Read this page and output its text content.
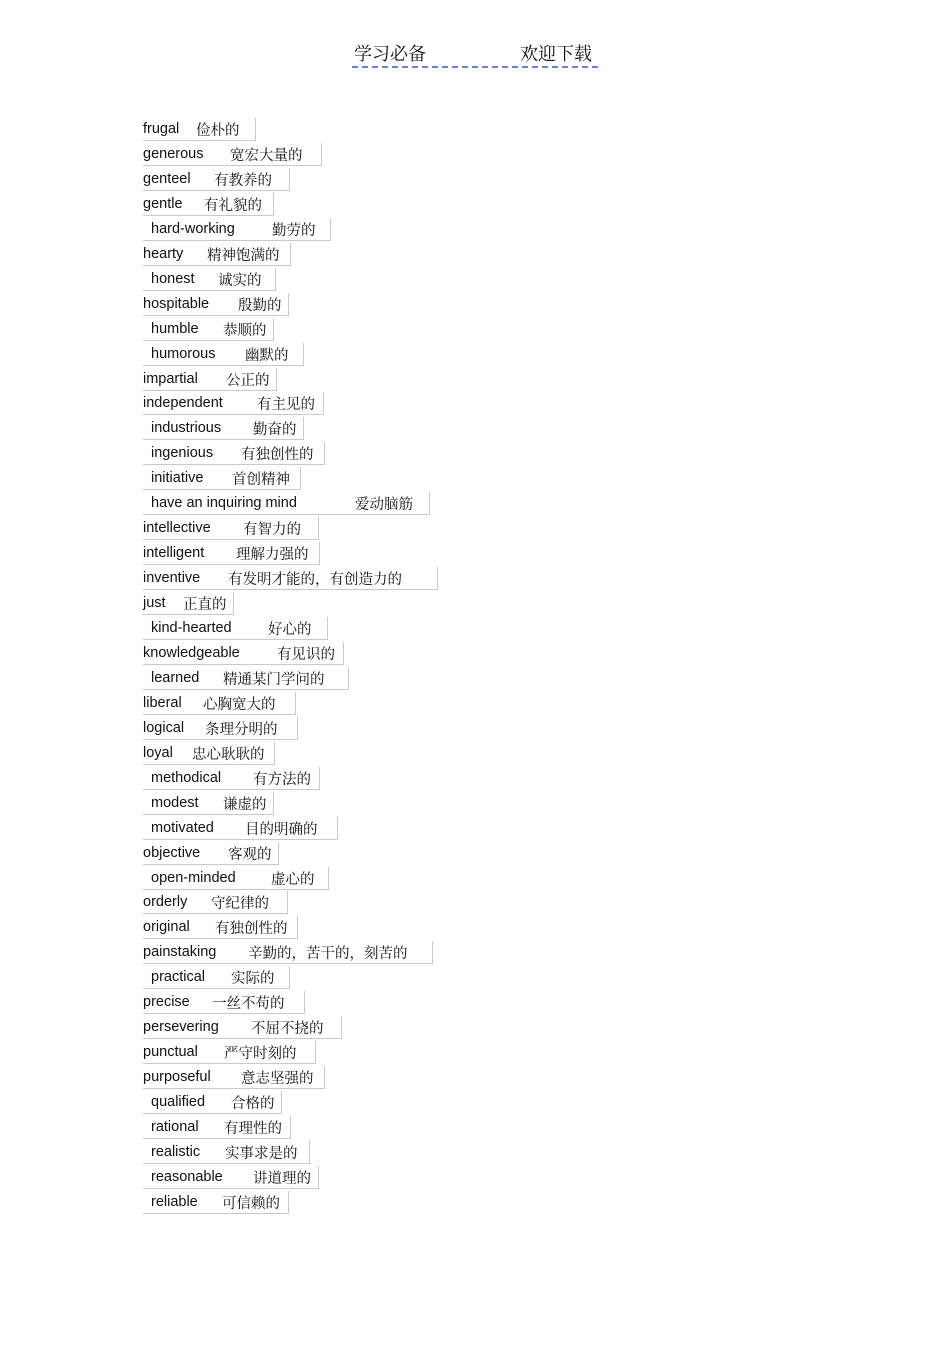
学习必备	欢迎下载
frugal 俭朴的
generous 宽宏大量的
genteel 有教养的
gentle 有礼貌的
hard-working	勤劳的
hearty 精神饱满的
honest 诚实的
hospitable 殷勤的
humble 恭顺的
humorous 幽默的
impartial 公正的
independent 有主见的
industrious 勤奋的
ingenious 有独创性的
initiative 首创精神
have an inquiring mind	爱动脑筋
intellective 有智力的
intelligent 理解力强的
inventive 有发明才能的，有创造力的
just 正直的
kind-hearted	好心的
knowledgeable	有见识的
learned 精通某门学问的
liberal 心胸宽大的
logical 条理分明的
loyal 忠心耿耿的
methodical 有方法的
modest 谦虚的
motivated 目的明确的
objective 客观的
open-minded 虚心的
orderly 守纪律的
original 有独创性的
painstaking 辛勤的，苦干的，刻苦的
practical 实际的
precise 一丝不苟的
persevering 不屈不挠的
punctual 严守时刻的
purposeful 意志坚强的
qualified 合格的
rational 有理性的
realistic 实事求是的
reasonable 讲道理的
reliable 可信赖的
